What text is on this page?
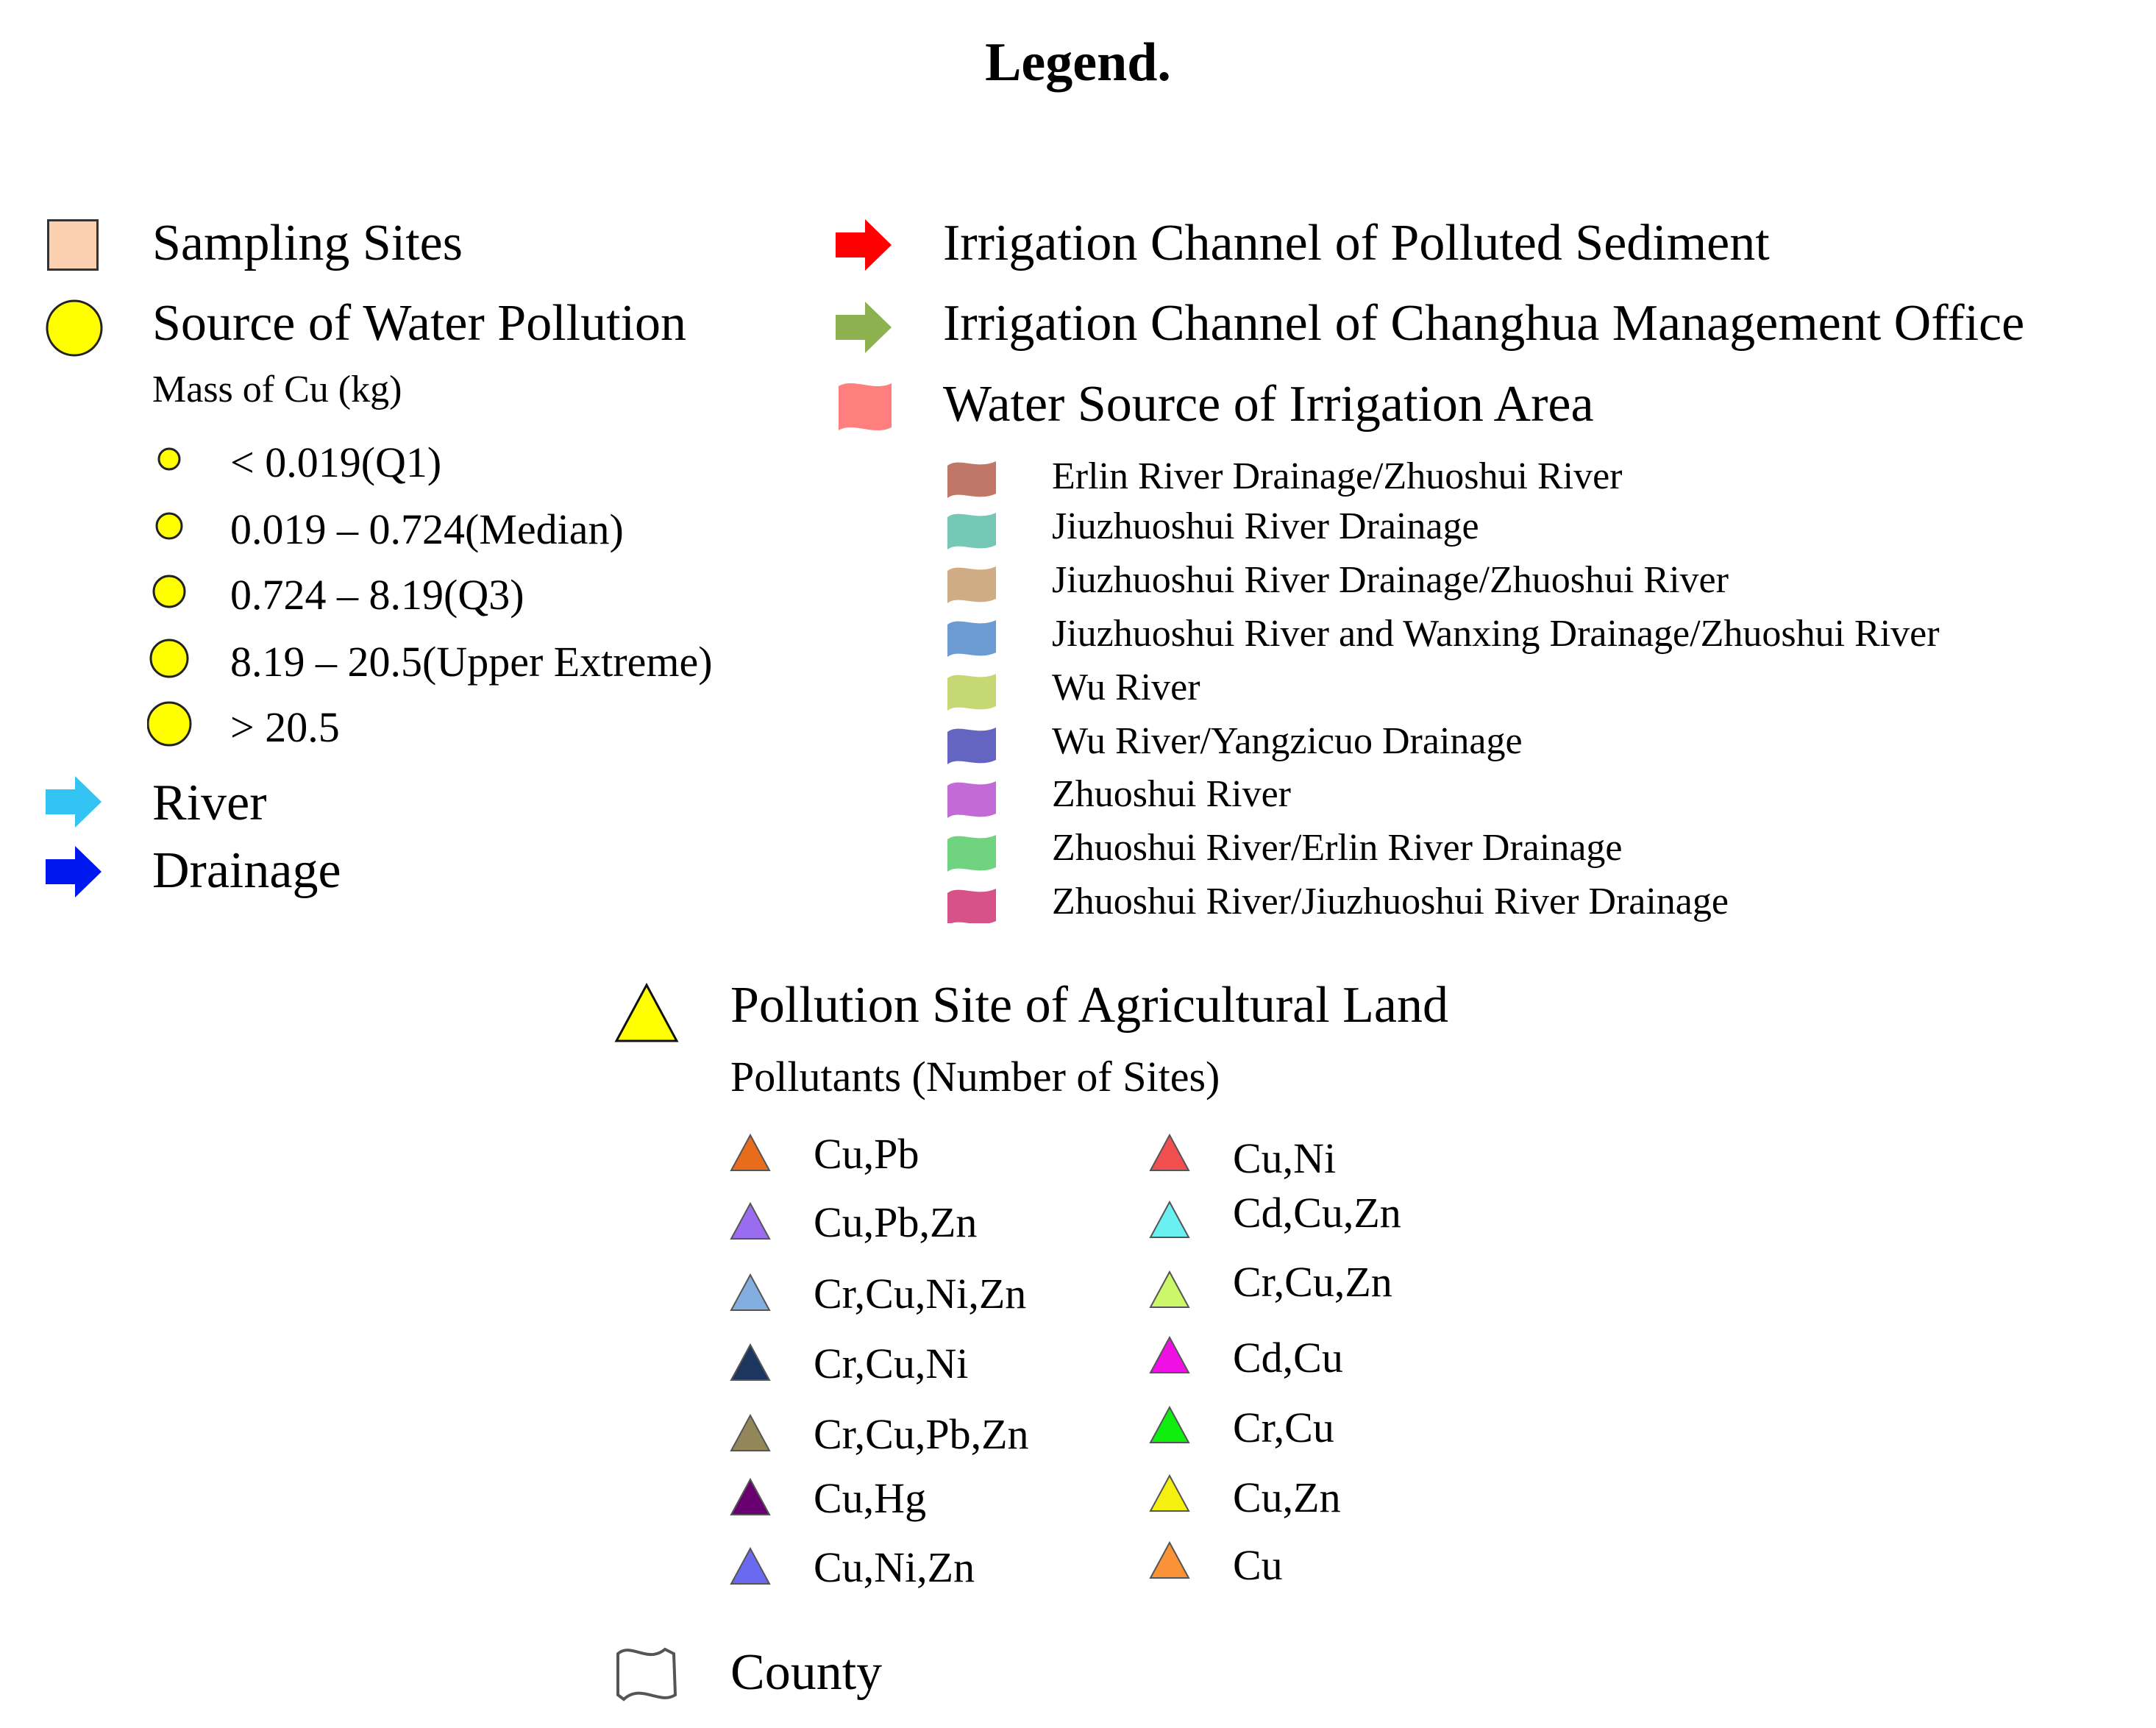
Legend.
Sampling Sites
Source of Water Pollution
Mass of Cu (kg)
< 0.019(Q1)
0.019 – 0.724(Median)
0.724 – 8.19(Q3)
8.19 – 20.5(Upper Extreme)
> 20.5
River
Drainage
Irrigation Channel of Polluted Sediment
Irrigation Channel of Changhua Management Office
Water Source of Irrigation Area
Erlin River Drainage/Zhuoshui River
Jiuzhuoshui River Drainage
Jiuzhuoshui River Drainage/Zhuoshui River
Jiuzhuoshui River and Wanxing Drainage/Zhuoshui River
Wu River
Wu River/Yangzicuo Drainage
Zhuoshui River
Zhuoshui River/Erlin River Drainage
Zhuoshui River/Jiuzhuoshui River Drainage
Pollution Site of Agricultural Land
Pollutants (Number of Sites)
Cu,Pb
Cu,Pb,Zn
Cr,Cu,Ni,Zn
Cr,Cu,Ni
Cr,Cu,Pb,Zn
Cu,Hg
Cu,Ni,Zn
Cu,Ni
Cd,Cu,Zn
Cr,Cu,Zn
Cd,Cu
Cr,Cu
Cu,Zn
Cu
County
